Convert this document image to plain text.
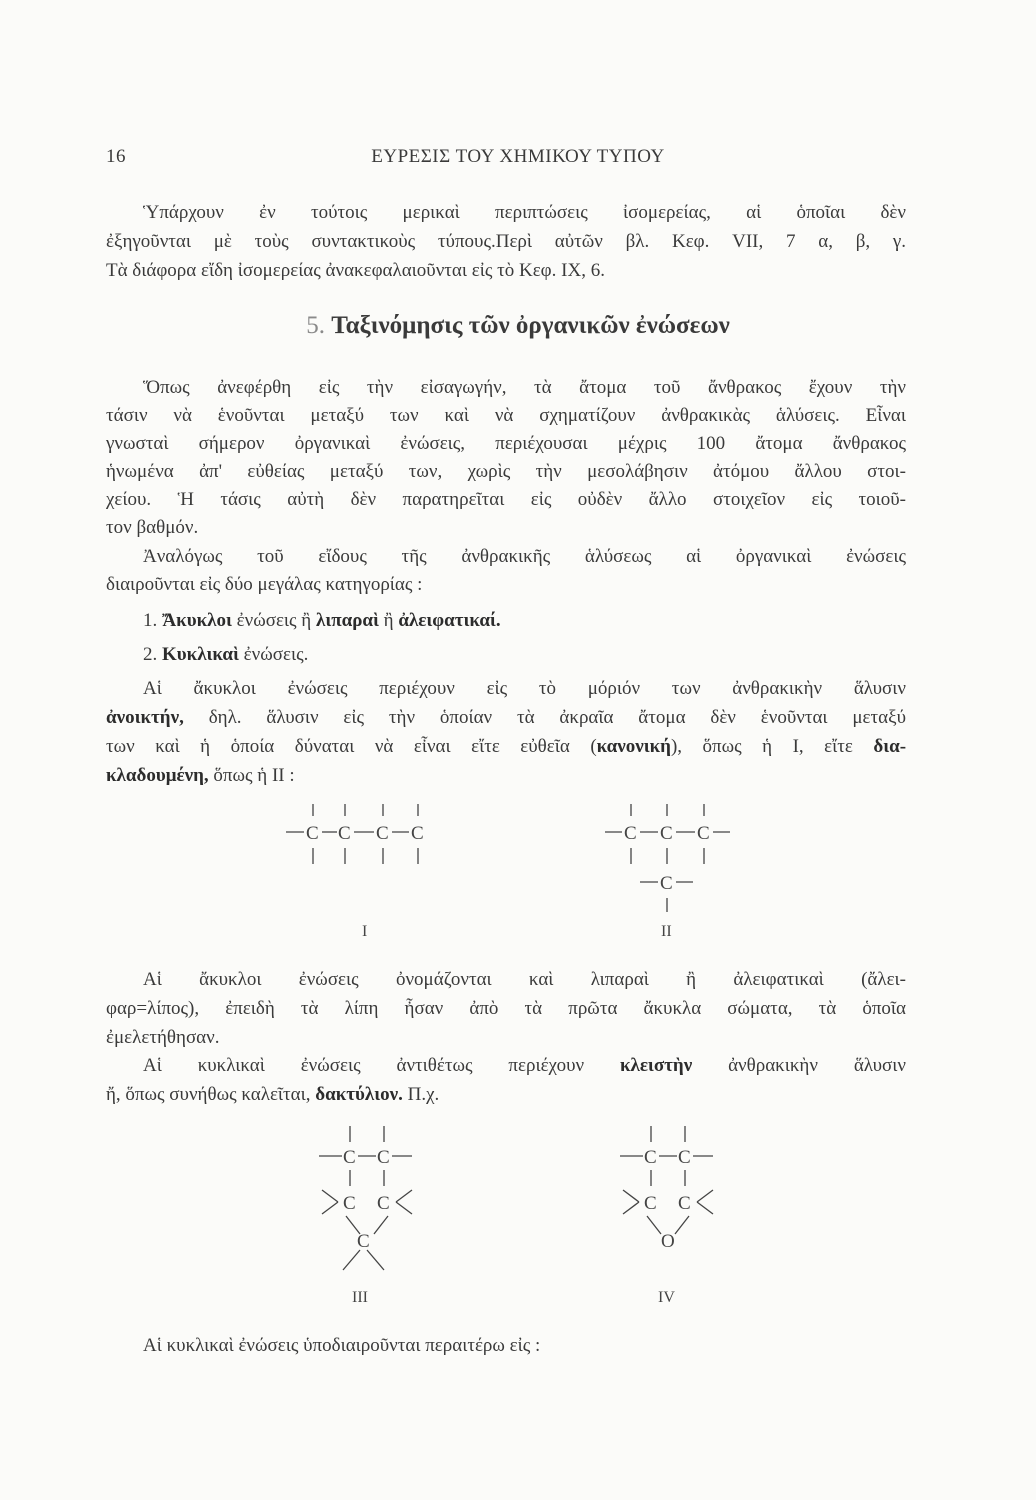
16	ΕΥΡΕΣΙΣ ΤΟΥ ΧΗΜΙΚΟΥ ΤΥΠΟΥ
Ὑπάρχουν ἐν τούτοις μερικαὶ περιπτώσεις ἰσομερείας, αἱ ὁποῖαι δὲν
ἐξηγοῦνται μὲ τοὺς συντακτικοὺς τύπους.Περὶ αὐτῶν βλ. Κεφ. VII, 7 α, β, γ.
Τὰ διάφορα εἴδη ἰσομερείας ἀνακεφαλαιοῦνται εἰς τὸ Κεφ. IX, 6.
5. Ταξινόμησις τῶν ὀργανικῶν ἐνώσεων
Ὅπως ἀνεφέρθη εἰς τὴν εἰσαγωγήν, τὰ ἄτομα τοῦ ἄνθρακος ἔχουν τὴν
τάσιν νὰ ἑνοῦνται μεταξύ των καὶ νὰ σχηματίζουν ἀνθρακικὰς ἁλύσεις. Εἶναι
γνωσταὶ σήμερον ὀργανικαὶ ἐνώσεις, περιέχουσαι μέχρις 100 ἄτομα ἄνθρακος
ἡνωμένα ἀπ' εὐθείας μεταξύ των, χωρὶς τὴν μεσολάβησιν ἀτόμου ἄλλου στοι-
χείου. Ἡ τάσις αὐτὴ δὲν παρατηρεῖται εἰς οὐδὲν ἄλλο στοιχεῖον εἰς τοιοῦ-
τον βαθμόν.
Ἀναλόγως τοῦ εἴδους τῆς ἀνθρακικῆς ἁλύσεως αἱ ὀργανικαὶ ἐνώσεις
διαιροῦνται εἰς δύο μεγάλας κατηγορίας :
1. Ἄκυκλοι ἐνώσεις ἢ λιπαραὶ ἢ ἀλειφατικαί.
2. Κυκλικαὶ ἐνώσεις.
Αἱ ἄκυκλοι ἐνώσεις περιέχουν εἰς τὸ μόριόν των ἀνθρακικὴν ἅλυσιν
ἀνοικτήν, δηλ. ἅλυσιν εἰς τὴν ὁποίαν τὰ ἀκραῖα ἄτομα δὲν ἑνοῦνται μεταξύ
των καὶ ἡ ὁποία δύναται νὰ εἶναι εἴτε εὐθεῖα (κανονική), ὅπως ἡ I, εἴτε δια-
κλαδουμένη, ὅπως ἡ II :
C C C C	C C C
C
I	II
Αἱ ἄκυκλοι ἐνώσεις ὀνομάζονται καὶ λιπαραὶ ἢ ἀλειφατικαὶ (ἄλει-
φαρ=λίπος), ἐπειδὴ τὰ λίπη ἦσαν ἀπὸ τὰ πρῶτα ἄκυκλα σώματα, τὰ ὁποῖα
ἐμελετήθησαν.
Αἱ κυκλικαὶ ἐνώσεις ἀντιθέτως περιέχουν κλειστὴν ἀνθρακικὴν ἅλυσιν
ἤ, ὅπως συνήθως καλεῖται, δακτύλιον. Π.χ.
C C
C C
C
C C
C C
O
III	IV
Αἱ κυκλικαὶ ἐνώσεις ὑποδιαιροῦνται περαιτέρω εἰς :
